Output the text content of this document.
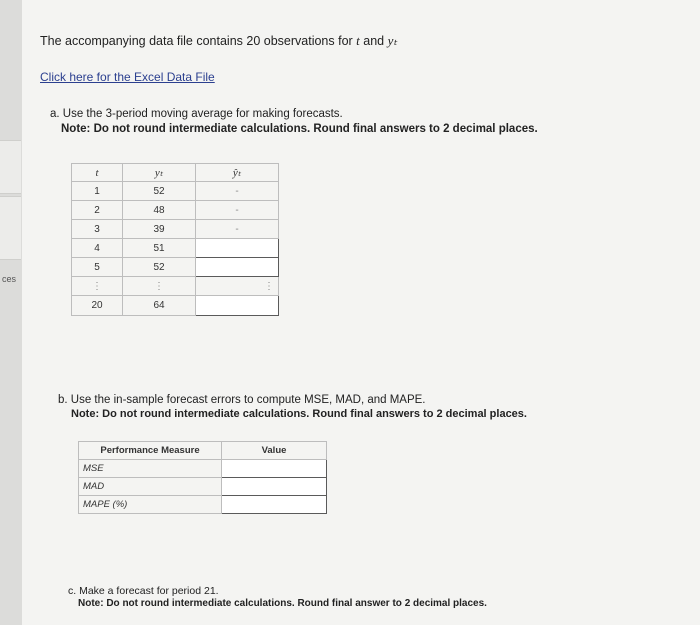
ces
The accompanying data file contains 20 observations for t and yₜ
Click here for the Excel Data File
a. Use the 3-period moving average for making forecasts.
Note: Do not round intermediate calculations. Round final answers to 2 decimal places.
t	yₜ	ŷₜ
1	52	-
2	48	-
3	39	-
4	51	
5	52	
⋮	⋮	⋮
20	64	
b. Use the in-sample forecast errors to compute MSE, MAD, and MAPE.
Note: Do not round intermediate calculations. Round final answers to 2 decimal places.
Performance Measure	Value
MSE	
MAD	
MAPE (%)	
c. Make a forecast for period 21.
Note: Do not round intermediate calculations. Round final answer to 2 decimal places.
